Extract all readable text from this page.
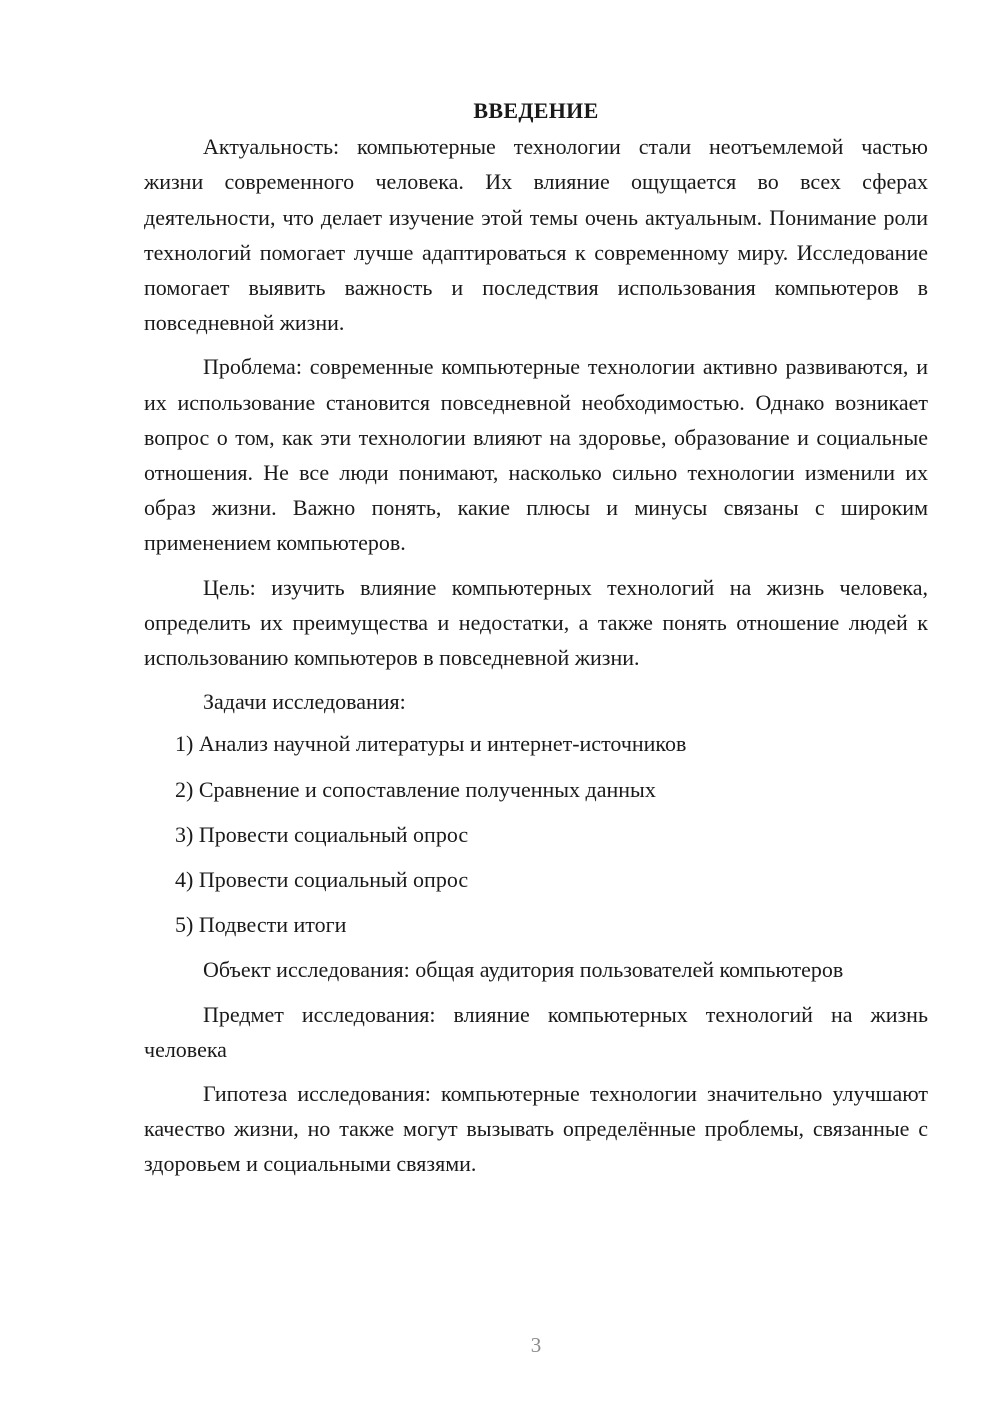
ВВЕДЕНИЕ

Актуальность: компьютерные технологии стали неотъемлемой частью жизни современного человека. Их влияние ощущается во всех сферах деятельности, что делает изучение этой темы очень актуальным. Понимание роли технологий помогает лучше адаптироваться к современному миру. Исследование помогает выявить важность и последствия использования компьютеров в повседневной жизни.

Проблема: современные компьютерные технологии активно развиваются, и их использование становится повседневной необходимостью. Однако возникает вопрос о том, как эти технологии влияют на здоровье, образование и социальные отношения. Не все люди понимают, насколько сильно технологии изменили их образ жизни. Важно понять, какие плюсы и минусы связаны с широким применением компьютеров.

Цель: изучить влияние компьютерных технологий на жизнь человека, определить их преимущества и недостатки, а также понять отношение людей к использованию компьютеров в повседневной жизни.

Задачи исследования:
1) Анализ научной литературы и интернет-источников
2) Сравнение и сопоставление полученных данных
3) Провести социальный опрос
4) Провести социальный опрос
5) Подвести итоги

Объект исследования: общая аудитория пользователей компьютеров

Предмет исследования: влияние компьютерных технологий на жизнь человека

Гипотеза исследования: компьютерные технологии значительно улучшают качество жизни, но также могут вызывать определённые проблемы, связанные с здоровьем и социальными связями.

3
